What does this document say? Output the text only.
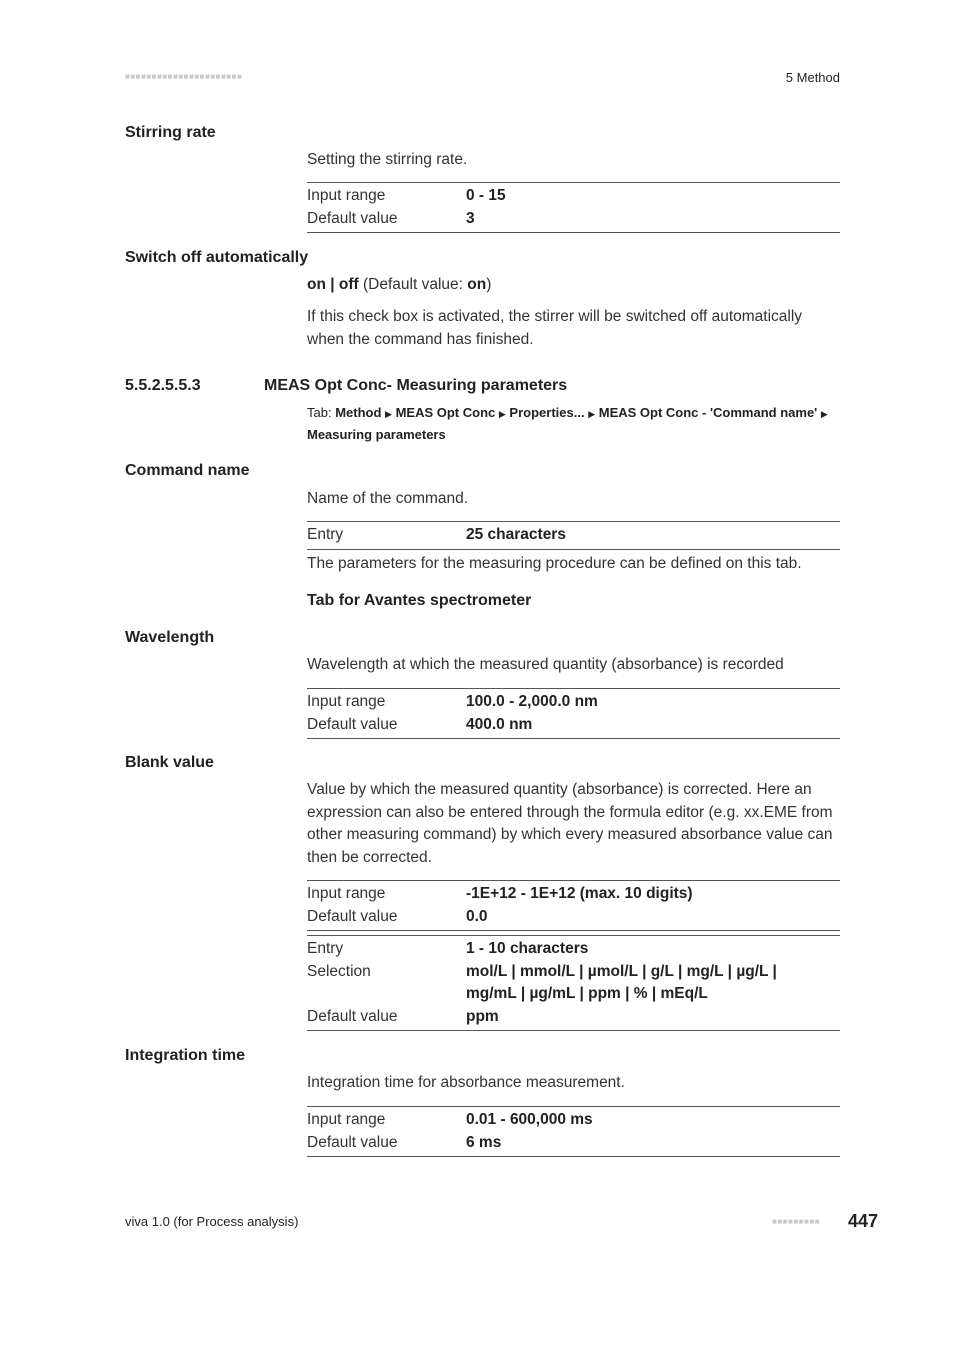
■■■■■■■■■■■■■■■■■■■■■■	5 Method
Stirring rate
Setting the stirring rate.
Input range	0 - 15
Default value	3
Switch off automatically
on | off (Default value: on)
If this check box is activated, the stirrer will be switched off automatically when the command has finished.
5.5.2.5.5.3	MEAS Opt Conc- Measuring parameters
Tab: Method ▶ MEAS Opt Conc ▶ Properties... ▶ MEAS Opt Conc - 'Command name' ▶ Measuring parameters
Command name
Name of the command.
Entry	25 characters
The parameters for the measuring procedure can be defined on this tab.
Tab for Avantes spectrometer
Wavelength
Wavelength at which the measured quantity (absorbance) is recorded
Input range	100.0 - 2,000.0 nm
Default value	400.0 nm
Blank value
Value by which the measured quantity (absorbance) is corrected. Here an expression can also be entered through the formula editor (e.g. xx.EME from other measuring command) by which every measured absorbance value can then be corrected.
Input range	-1E+12 - 1E+12 (max. 10 digits)
Default value	0.0
Entry	1 - 10 characters
Selection	mol/L | mmol/L | µmol/L | g/L | mg/L | µg/L | mg/mL | µg/mL | ppm | % | mEq/L
Default value	ppm
Integration time
Integration time for absorbance measurement.
Input range	0.01 - 600,000 ms
Default value	6 ms
viva 1.0 (for Process analysis)	■■■■■■■■■ 447
